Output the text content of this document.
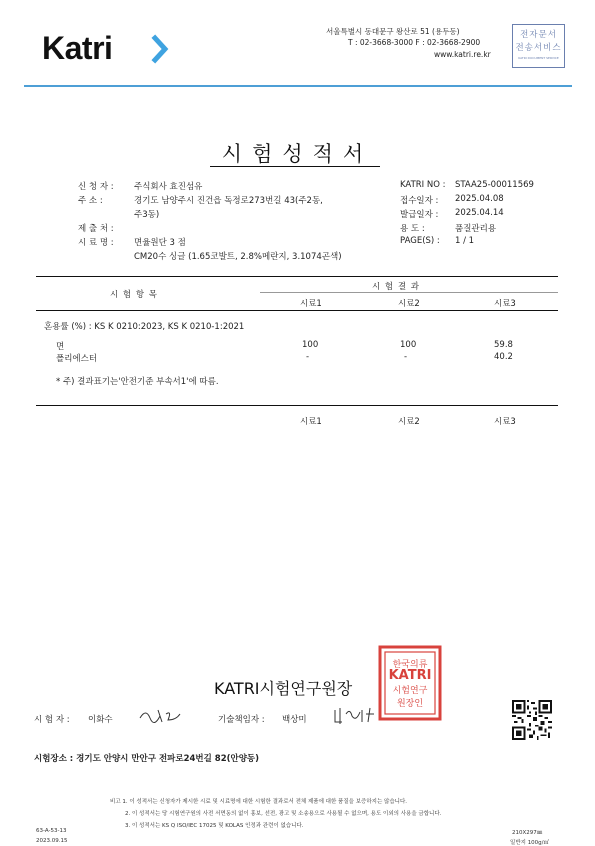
Katri	서울특별시 동대문구 왕산로 51 (용두동)
T : 02-3668-3000 F : 02-3668-2900
www.katri.re.kr
전자문서
전송서비스
KATRI DOCUMENT SERVICE
시험성적서
신 청 자 : 주식회사 효진섬유
주 소 :	경기도 남양주시 진건읍 독정로273번길 43(주2동,
주3동)
제 출 처 :
시 료 명 : 면율원단 3 점
CM20수 싱글 (1.65코발트, 2.8%메란지, 3.1074곤색)
KATRI NO : STAA25-00011569
접수일자 : 2025.04.08
발급일자 : 2025.04.14
용 도 :	품질관리용
PAGE(S) : 1 / 1
시 험 항 목
시 험 결 과
시료1	시료2	시료3
혼용률 (%) : KS K 0210:2023, KS K 0210-1:2021
면	100	100	59.8
폴리에스터	-	-	40.2
* 주) 결과표기는'안전기준 부속서1'에 따름.
시료1	시료2	시료3
KATRI시험연구원장
KATRI
한국의류
시험연구
원장인
시 험 자 : 이화수	기술책임자 : 백상미
시험장소 : 경기도 안양시 만안구 전파로24번길 82(안양동)
비고 1. 이 성적서는 신청자가 제시한 시료 및 시료명에 대한 시험한 결과로서 전체 제품에 대한 품질을 보증하지는 않습니다.
2. 이 성적서는 당 시험연구원의 사전 서면동의 없이 홍보, 선전, 광고 및 소송용으로 사용될 수 없으며, 용도 이외의 사용을 금합니다.
3. 이 성적서는 KS Q ISO/IEC 17025 및 KOLAS 인정과 관련이 없습니다.
63-A-53-13
2023.09.15
210X297㎜
일반지 100g/㎡
